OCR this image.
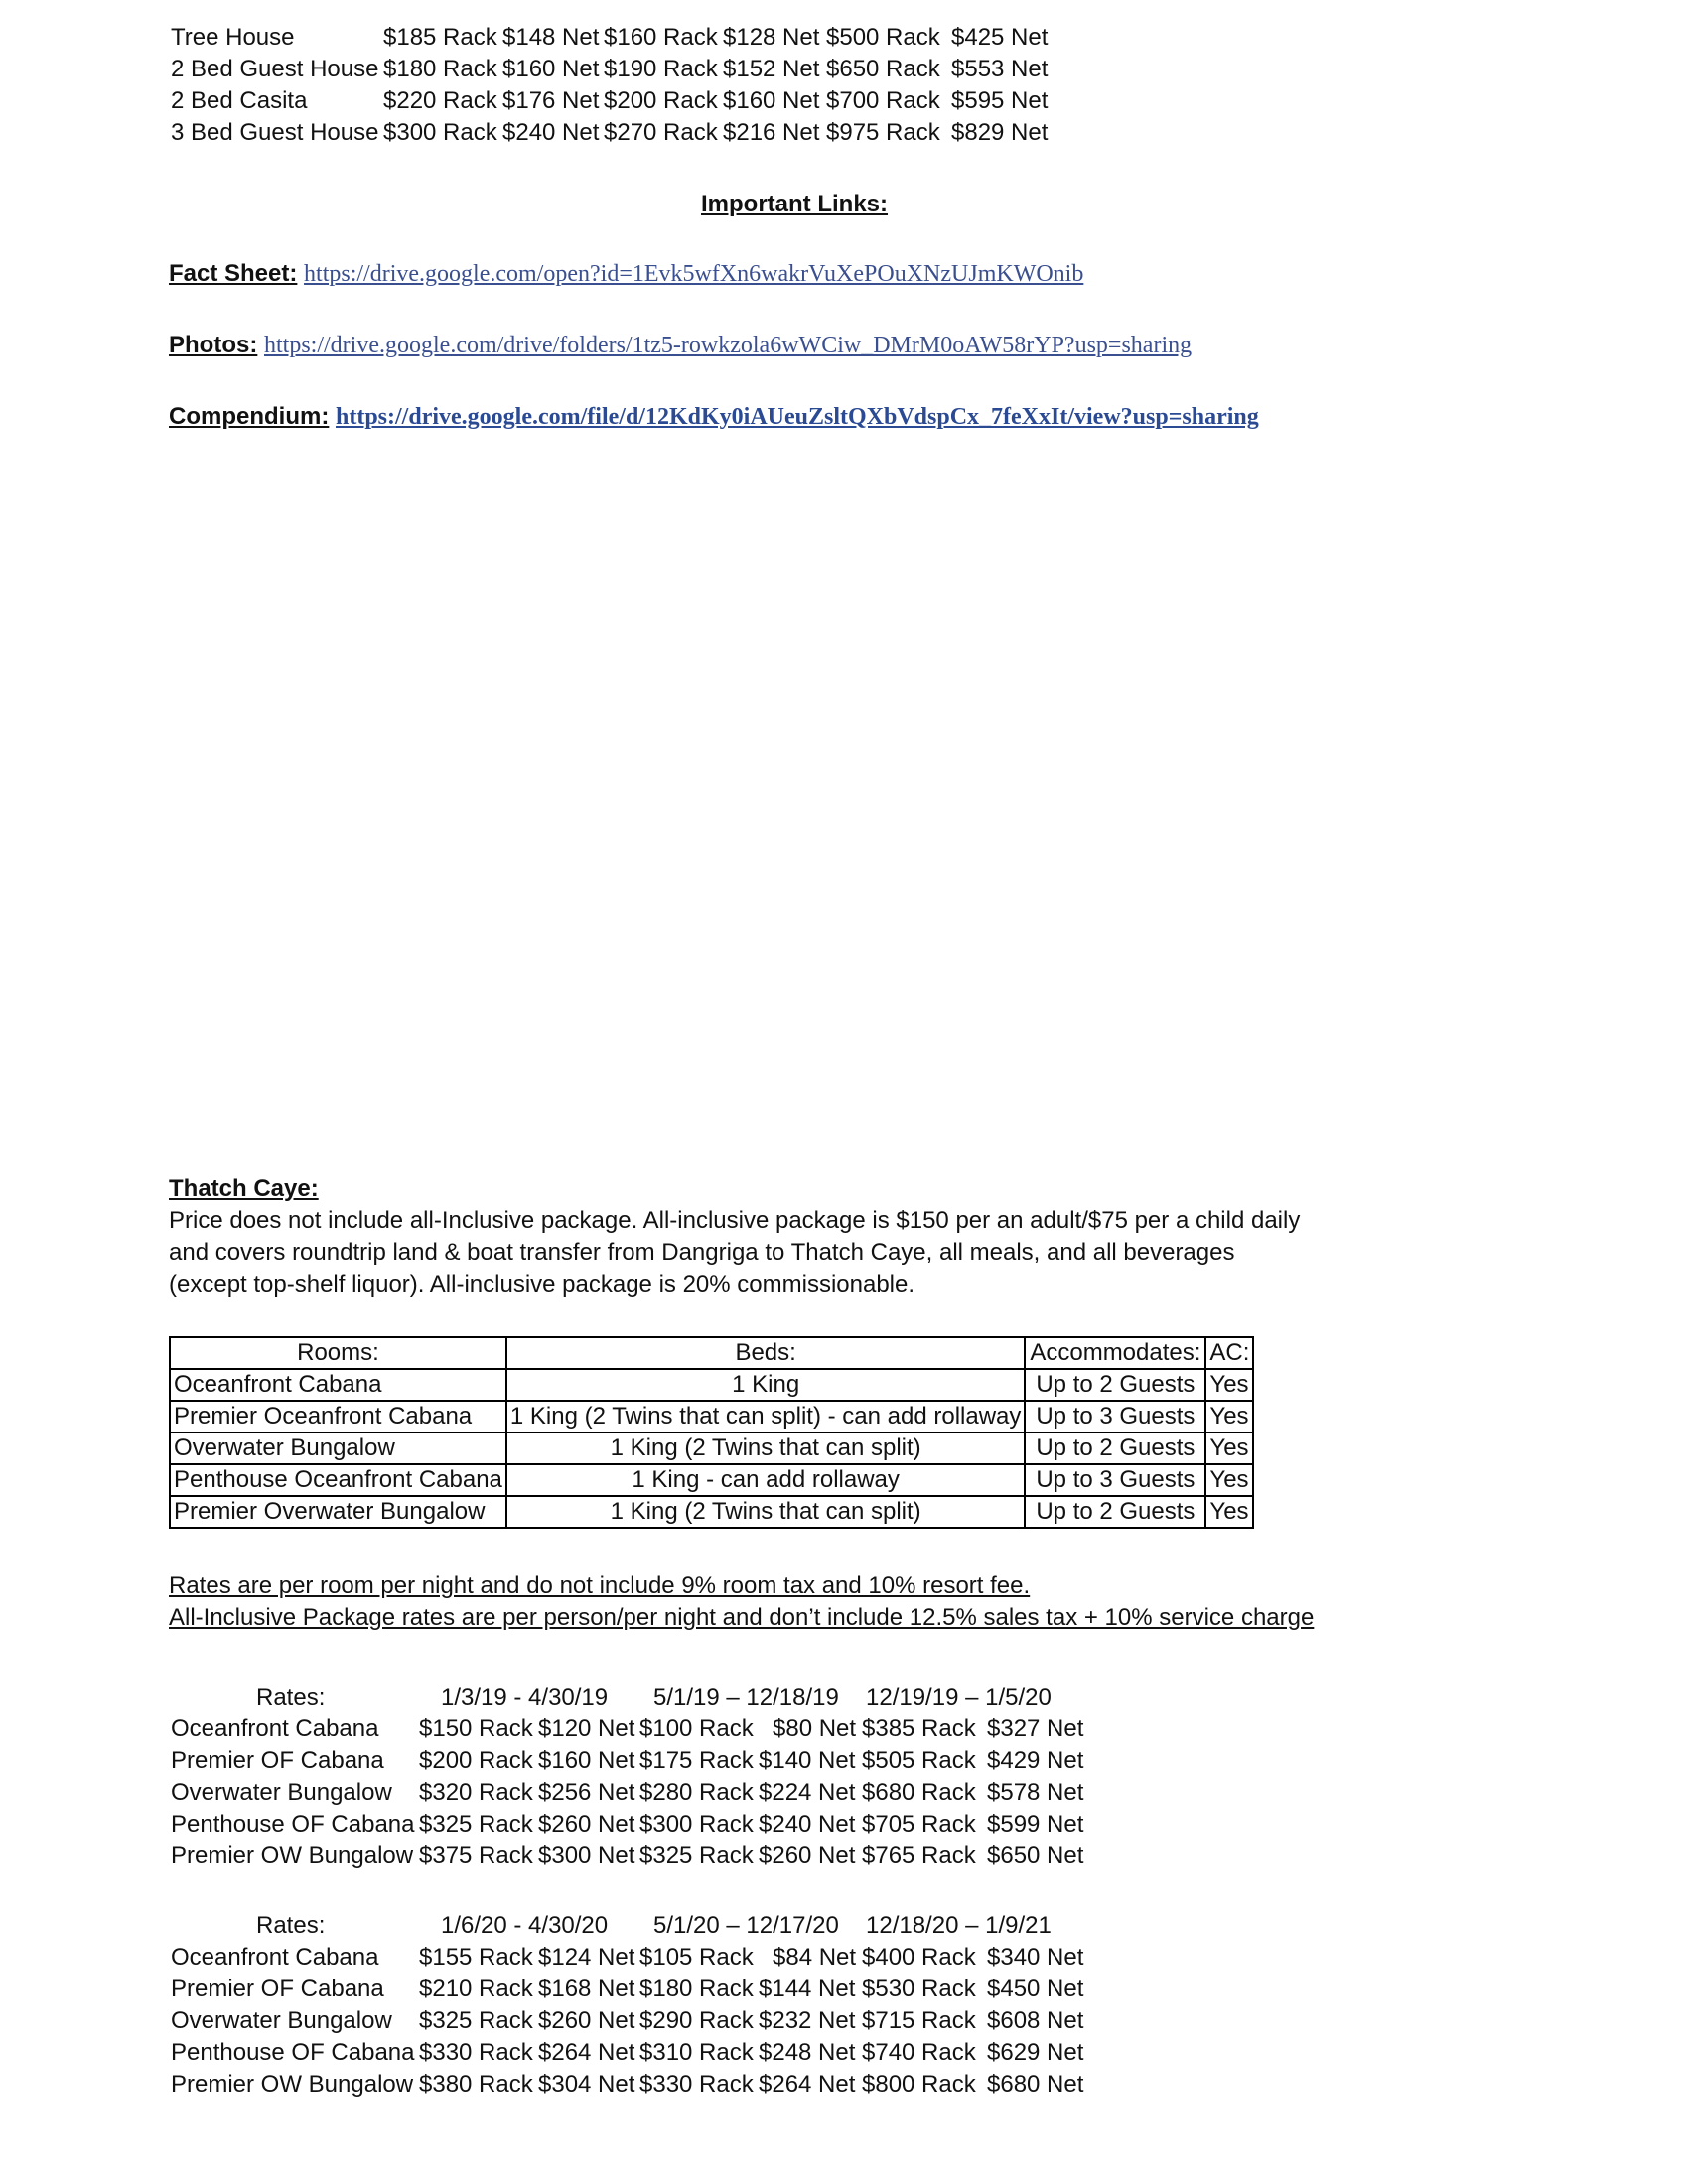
Tree House	$185 Rack $148 Net $160 Rack $128 Net $500 Rack $425 Net
2 Bed Guest House $180 Rack $160 Net $190 Rack $152 Net $650 Rack $553 Net
2 Bed Casita	$220 Rack $176 Net $200 Rack $160 Net $700 Rack $595 Net
3 Bed Guest House $300 Rack $240 Net $270 Rack $216 Net $975 Rack $829 Net
Important Links:
Fact Sheet: https://drive.google.com/open?id=1Evk5wfXn6wakrVuXePOuXNzUJmKWOnib
Photos: https://drive.google.com/drive/folders/1tz5-rowkzola6wWCiw_DMrM0oAW58rYP?usp=sharing
Compendium: https://drive.google.com/file/d/12KdKy0iAUeuZsltQXbVdspCx_7feXxIt/view?usp=sharing
Thatch Caye:
Price does not include all-Inclusive package. All-inclusive package is $150 per an adult/$75 per a child daily
and covers roundtrip land & boat transfer from Dangriga to Thatch Caye, all meals, and all beverages
(except top-shelf liquor). All-inclusive package is 20% commissionable.
Rooms:	Beds:	Accommodates:	AC:
Oceanfront Cabana	1 King	Up to 2 Guests	Yes
Premier Oceanfront Cabana	1 King (2 Twins that can split) - can add rollaway	Up to 3 Guests	Yes
Overwater Bungalow	1 King (2 Twins that can split)	Up to 2 Guests	Yes
Penthouse Oceanfront Cabana	1 King - can add rollaway	Up to 3 Guests	Yes
Premier Overwater Bungalow	1 King (2 Twins that can split)	Up to 2 Guests	Yes
Rates are per room per night and do not include 9% room tax and 10% resort fee.
All-Inclusive Package rates are per person/per night and don’t include 12.5% sales tax + 10% service charge
Rates:	1/3/19 - 4/30/19 5/1/19 – 12/18/19 12/19/19 – 1/5/20
Oceanfront Cabana $150 Rack $120 Net $100 Rack $80 Net $385 Rack $327 Net
Premier OF Cabana $200 Rack $160 Net $175 Rack $140 Net $505 Rack $429 Net
Overwater Bungalow $320 Rack $256 Net $280 Rack $224 Net $680 Rack $578 Net
Penthouse OF Cabana $325 Rack $260 Net $300 Rack $240 Net $705 Rack $599 Net
Premier OW Bungalow $375 Rack $300 Net $325 Rack $260 Net $765 Rack $650 Net
Rates:	1/6/20 - 4/30/20 5/1/20 – 12/17/20 12/18/20 – 1/9/21
Oceanfront Cabana $155 Rack $124 Net $105 Rack $84 Net $400 Rack $340 Net
Premier OF Cabana $210 Rack $168 Net $180 Rack $144 Net $530 Rack $450 Net
Overwater Bungalow $325 Rack $260 Net $290 Rack $232 Net $715 Rack $608 Net
Penthouse OF Cabana $330 Rack $264 Net $310 Rack $248 Net $740 Rack $629 Net
Premier OW Bungalow $380 Rack $304 Net $330 Rack $264 Net $800 Rack $680 Net
